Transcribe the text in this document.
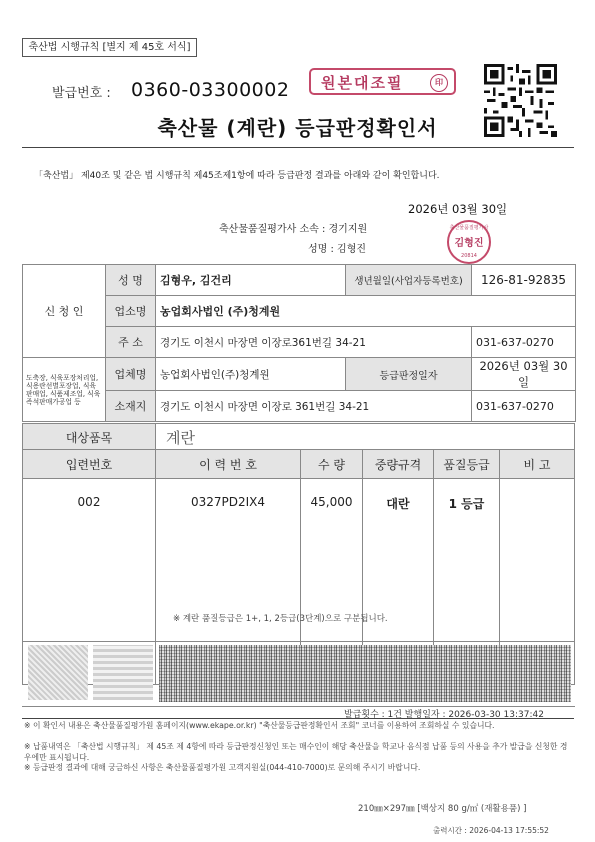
축산법 시행규칙 [별지 제 45호 서식]
발급번호 : 0360-03300002	원본대조필	印
축산물 (계란) 등급판정확인서
「축산법」 제40조 및 같은 법 시행규칙 제45조제1항에 따라 등급판정 결과를 아래와 같이 확인합니다.
2026년 03월 30일
축산물품질평가사 소속 : 경기지원
성명 : 김형진
축산물품질평가사
김형진
20814
신 청 인	성 명	김형우, 김건리	생년월일(사업자등록번호)	126-81-92835
	업소명	농업회사법인 (주)청계원		
	주 소	경기도 이천시 마장면 이장로361번길 34-21		031-637-0270
도축장, 식육포장처리업, 식용란선별포장업, 식육판매업, 식품제조업, 식육즉석판매가공업 등	업체명	농업회사법인(주)청계원	등급판정일자	2026년 03월 30일
	소재지	경기도 이천시 마장면 이장로 361번길 34-21		031-637-0270
대상품목	계란
입련번호	이 력 번 호	수 량	중량규격	품질등급	비 고
002	0327PD2IX4	45,000	대란	1 등급	
※ 계란 품질등급은 1+, 1, 2등급(3단계)으로 구분됩니다.
발급횟수 : 1건 발행일자 : 2026-03-30 13:37:42
※ 이 확인서 내용은 축산물품질평가원 홈페이지(www.ekape.or.kr) "축산물등급판정확인서 조회" 코너를 이용하여 조회하실 수 있습니다.
※ 납품내역은 「축산법 시행규칙」 제 45조 제 4항에 따라 등급판정신청인 또는 매수인이 해당 축산물을 학교나 음식점 납품 등의 사용을 추가 발급을 신청한 경우에만 표시됩니다.
※ 등급판정 결과에 대해 궁금하신 사항은 축산물품질평가원 고객지원실(044-410-7000)로 문의해 주시기 바랍니다.
210㎜×297㎜ [백상지 80 g/㎡ (재활용품) ]
출력시간 : 2026-04-13 17:55:52
